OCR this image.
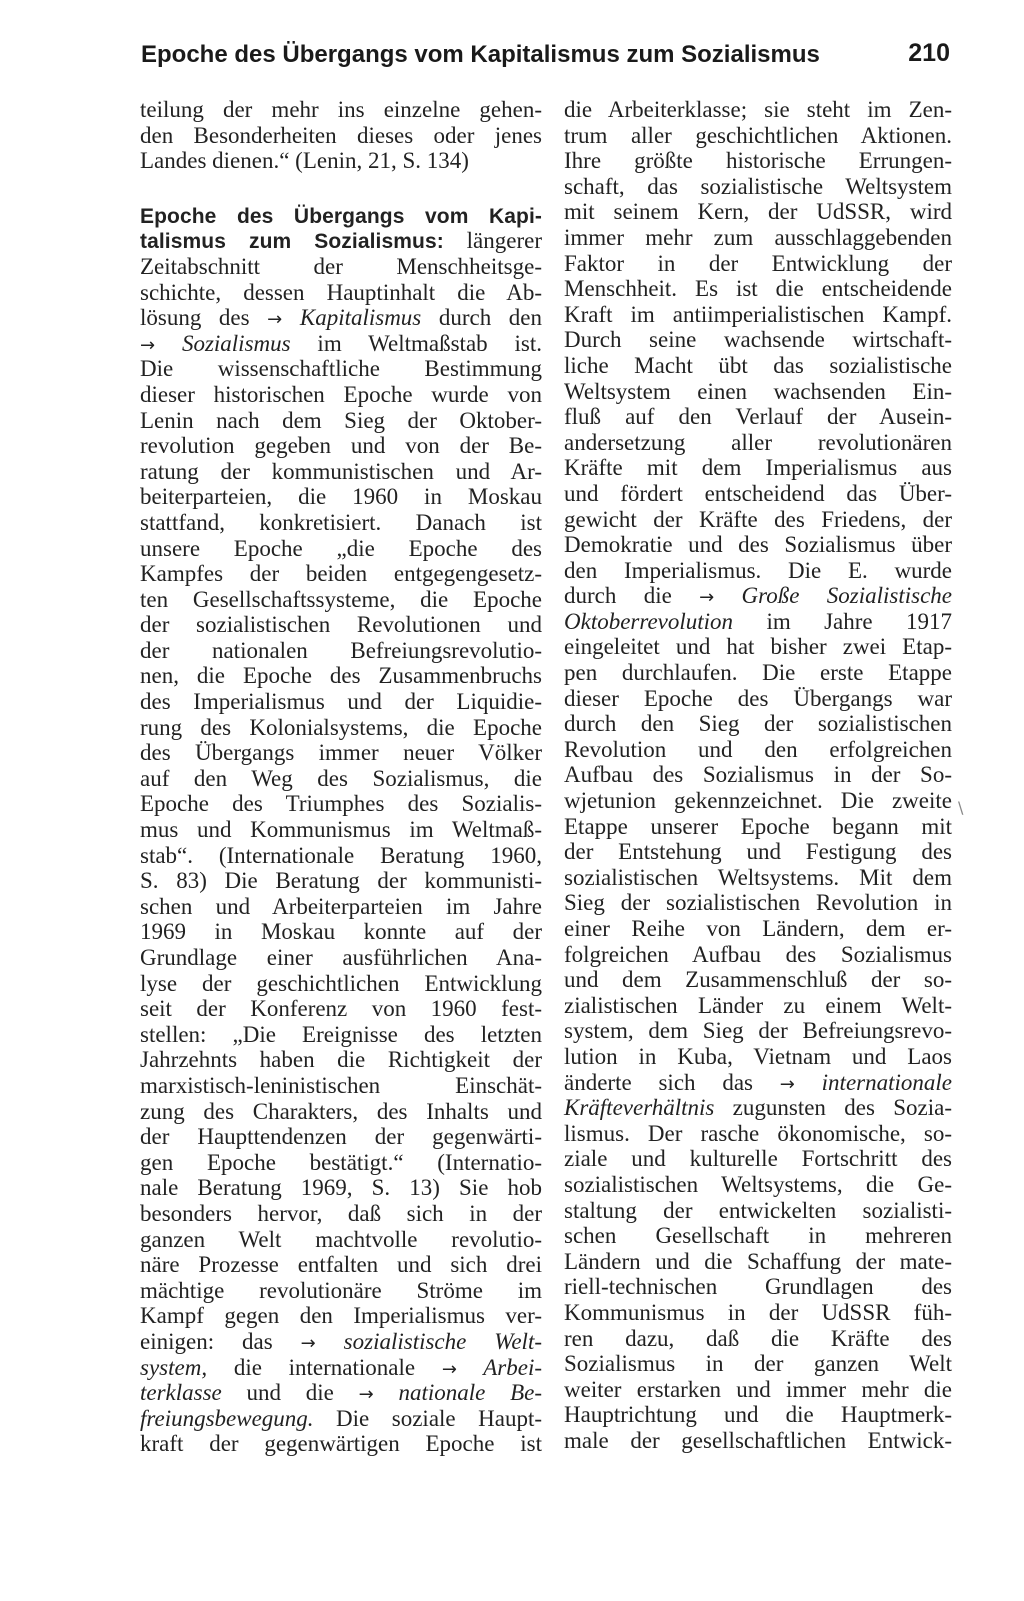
Epoche des Übergangs vom Kapitalismus zum Sozialismus	210
teilung der mehr ins einzelne gehen-
den Besonderheiten dieses oder jenes
Landes dienen.“ (Lenin, 21, S. 134)
Epoche des Übergangs vom Kapi-
talismus zum Sozialismus: längerer
Zeitabschnitt der Menschheitsge-
schichte, dessen Hauptinhalt die Ab-
lösung des → Kapitalismus durch den
→ Sozialismus im Weltmaßstab ist.
Die wissenschaftliche Bestimmung
dieser historischen Epoche wurde von
Lenin nach dem Sieg der Oktober-
revolution gegeben und von der Be-
ratung der kommunistischen und Ar-
beiterparteien, die 1960 in Moskau
stattfand, konkretisiert. Danach ist
unsere Epoche „die Epoche des
Kampfes der beiden entgegengesetz-
ten Gesellschaftssysteme, die Epoche
der sozialistischen Revolutionen und
der nationalen Befreiungsrevolutio-
nen, die Epoche des Zusammenbruchs
des Imperialismus und der Liquidie-
rung des Kolonialsystems, die Epoche
des Übergangs immer neuer Völker
auf den Weg des Sozialismus, die
Epoche des Triumphes des Sozialis-
mus und Kommunismus im Weltmaß-
stab“. (Internationale Beratung 1960,
S. 83) Die Beratung der kommunisti-
schen und Arbeiterparteien im Jahre
1969 in Moskau konnte auf der
Grundlage einer ausführlichen Ana-
lyse der geschichtlichen Entwicklung
seit der Konferenz von 1960 fest-
stellen: „Die Ereignisse des letzten
Jahrzehnts haben die Richtigkeit der
marxistisch-leninistischen Einschät-
zung des Charakters, des Inhalts und
der Haupttendenzen der gegenwärti-
gen Epoche bestätigt.“ (Internatio-
nale Beratung 1969, S. 13) Sie hob
besonders hervor, daß sich in der
ganzen Welt machtvolle revolutio-
näre Prozesse entfalten und sich drei
mächtige revolutionäre Ströme im
Kampf gegen den Imperialismus ver-
einigen: das → sozialistische Welt-
system, die internationale → Arbei-
terklasse und die → nationale Be-
freiungsbewegung. Die soziale Haupt-
kraft der gegenwärtigen Epoche ist
die Arbeiterklasse; sie steht im Zen-
trum aller geschichtlichen Aktionen.
Ihre größte historische Errungen-
schaft, das sozialistische Weltsystem
mit seinem Kern, der UdSSR, wird
immer mehr zum ausschlaggebenden
Faktor in der Entwicklung der
Menschheit. Es ist die entscheidende
Kraft im antiimperialistischen Kampf.
Durch seine wachsende wirtschaft-
liche Macht übt das sozialistische
Weltsystem einen wachsenden Ein-
fluß auf den Verlauf der Ausein-
andersetzung aller revolutionären
Kräfte mit dem Imperialismus aus
und fördert entscheidend das Über-
gewicht der Kräfte des Friedens, der
Demokratie und des Sozialismus über
den Imperialismus. Die E. wurde
durch die → Große Sozialistische
Oktoberrevolution im Jahre 1917
eingeleitet und hat bisher zwei Etap-
pen durchlaufen. Die erste Etappe
dieser Epoche des Übergangs war
durch den Sieg der sozialistischen
Revolution und den erfolgreichen
Aufbau des Sozialismus in der So-
wjetunion gekennzeichnet. Die zweite
Etappe unserer Epoche begann mit
der Entstehung und Festigung des
sozialistischen Weltsystems. Mit dem
Sieg der sozialistischen Revolution in
einer Reihe von Ländern, dem er-
folgreichen Aufbau des Sozialismus
und dem Zusammenschluß der so-
zialistischen Länder zu einem Welt-
system, dem Sieg der Befreiungsrevo-
lution in Kuba, Vietnam und Laos
änderte sich das → internationale
Kräfteverhältnis zugunsten des Sozia-
lismus. Der rasche ökonomische, so-
ziale und kulturelle Fortschritt des
sozialistischen Weltsystems, die Ge-
staltung der entwickelten sozialisti-
schen Gesellschaft in mehreren
Ländern und die Schaffung der mate-
riell-technischen Grundlagen des
Kommunismus in der UdSSR füh-
ren dazu, daß die Kräfte des
Sozialismus in der ganzen Welt
weiter erstarken und immer mehr die
Hauptrichtung und die Hauptmerk-
male der gesellschaftlichen Entwick-
\
